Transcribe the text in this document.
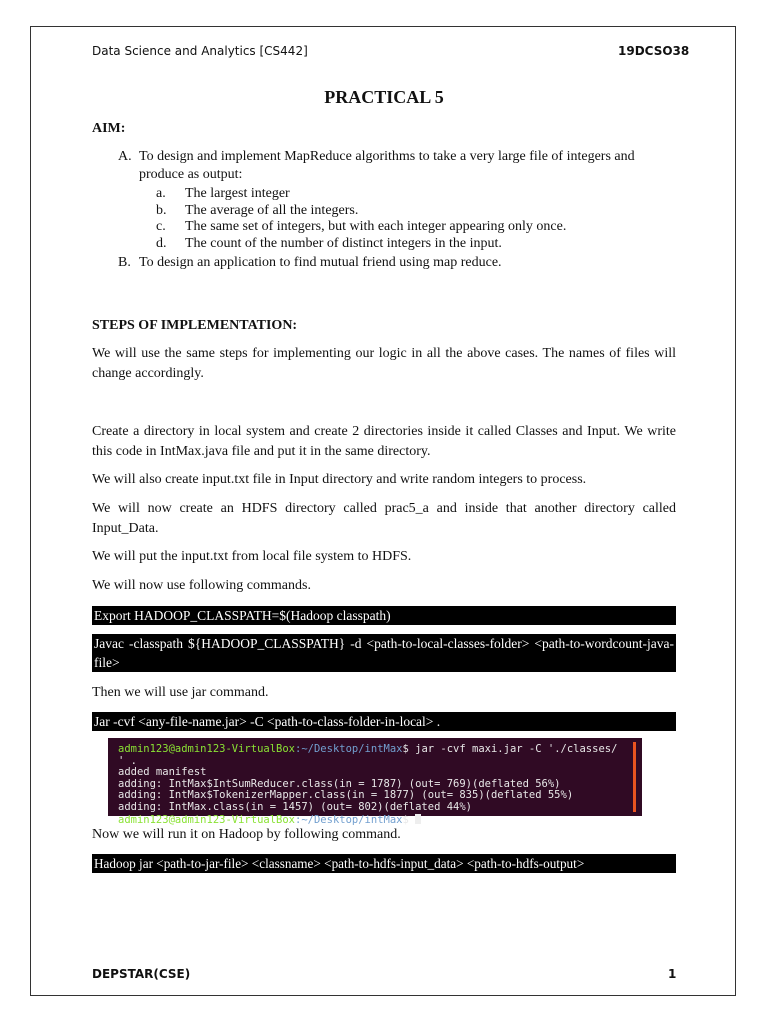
Data Science and Analytics [CS442]	19DCSO38
PRACTICAL 5
AIM:
A. To design and implement MapReduce algorithms to take a very large file of integers and produce as output:
a.	The largest integer
b.	The average of all the integers.
c.	The same set of integers, but with each integer appearing only once.
d.	The count of the number of distinct integers in the input.
B. To design an application to find mutual friend using map reduce.
STEPS OF IMPLEMENTATION:
We will use the same steps for implementing our logic in all the above cases. The names of files will change accordingly.
Create a directory in local system and create 2 directories inside it called Classes and Input. We write this code in IntMax.java file and put it in the same directory.
We will also create input.txt file in Input directory and write random integers to process.
We will now create an HDFS directory called prac5_a and inside that another directory called Input_Data.
We will put the input.txt from local file system to HDFS.
We will now use following commands.
Export HADOOP_CLASSPATH=$(Hadoop classpath)
Javac -classpath ${HADOOP_CLASSPATH} -d <path-to-local-classes-folder> <path-to-wordcount-java-file>
Then we will use jar command.
Jar -cvf <any-file-name.jar> -C <path-to-class-folder-in-local> .
admin123@admin123-VirtualBox:~/Desktop/intMax$ jar -cvf maxi.jar -C './classes/
' .
added manifest
adding: IntMax$IntSumReducer.class(in = 1787) (out= 769)(deflated 56%)
adding: IntMax$TokenizerMapper.class(in = 1877) (out= 835)(deflated 55%)
adding: IntMax.class(in = 1457) (out= 802)(deflated 44%)
admin123@admin123-VirtualBox:~/Desktop/intMax$
Now we will run it on Hadoop by following command.
Hadoop jar <path-to-jar-file> <classname> <path-to-hdfs-input_data> <path-to-hdfs-output>
DEPSTAR(CSE)	1
